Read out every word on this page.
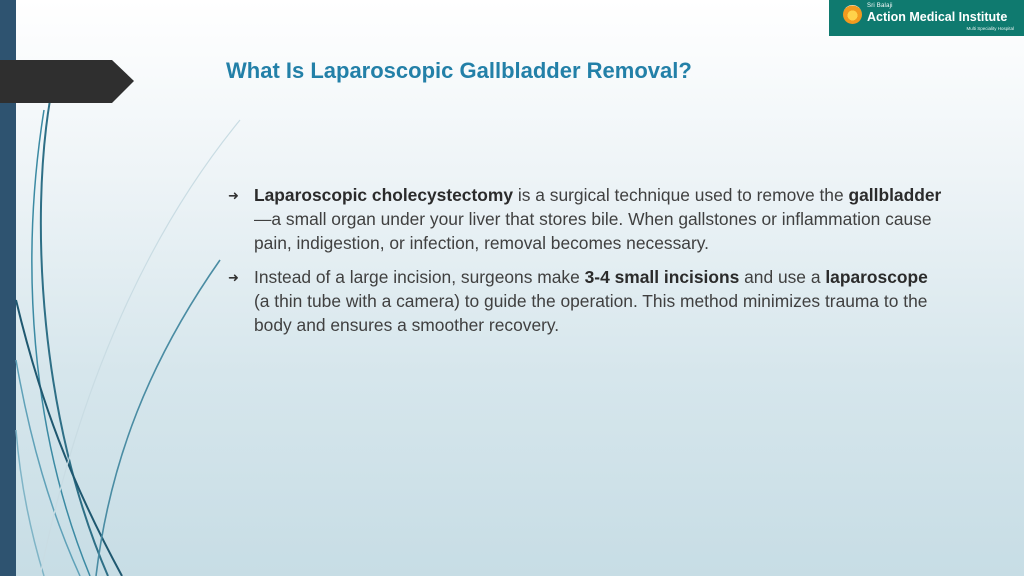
Sri Balaji
Action Medical Institute
Multi Speciality Hospital
What Is Laparoscopic Gallbladder Removal?
➜ Laparoscopic cholecystectomy is a surgical technique used to remove the gallbladder—a small organ under your liver that stores bile. When gallstones or inflammation cause pain, indigestion, or infection, removal becomes necessary.
➜ Instead of a large incision, surgeons make 3-4 small incisions and use a laparoscope (a thin tube with a camera) to guide the operation. This method minimizes trauma to the body and ensures a smoother recovery.
